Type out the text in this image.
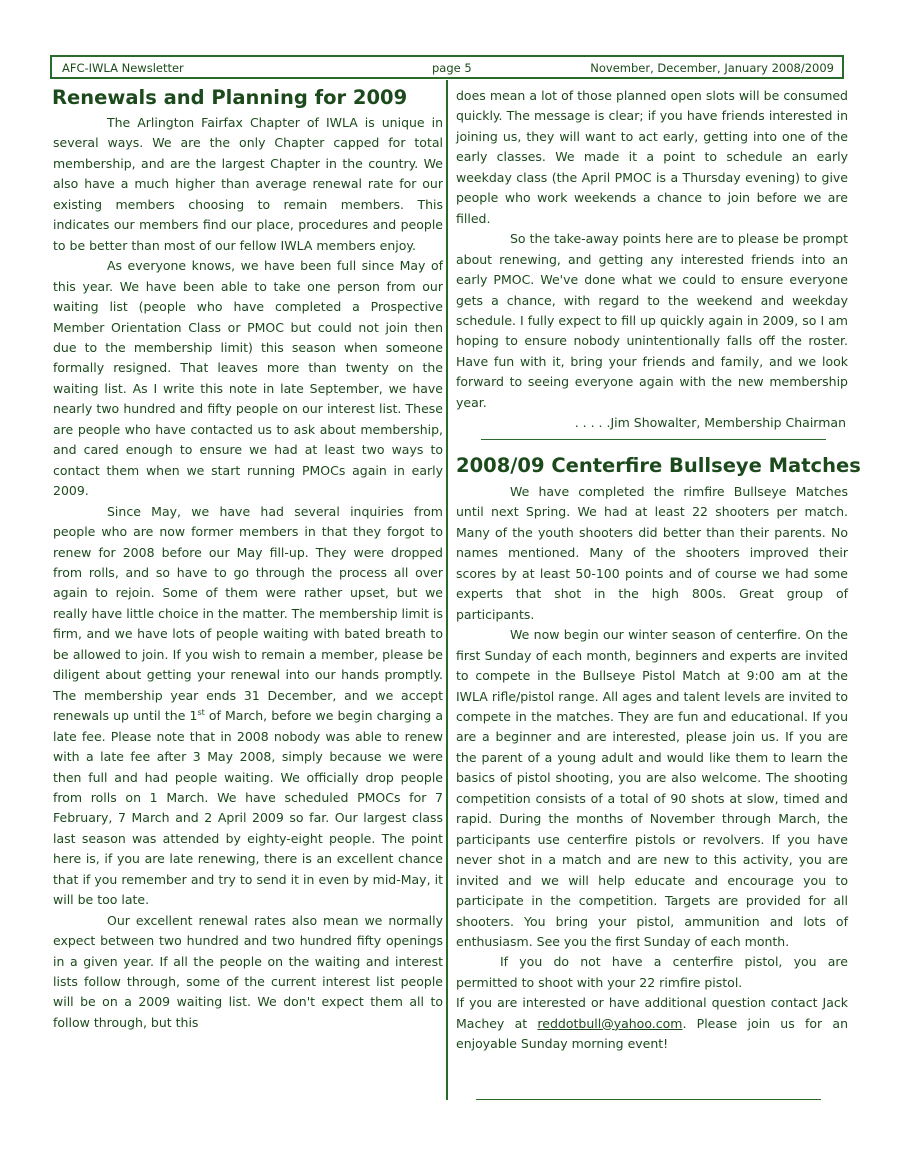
AFC-IWLA Newsletter	page 5	November, December, January 2008/2009
Renewals and Planning for 2009

The Arlington Fairfax Chapter of IWLA is unique in several ways. We are the only Chapter capped for total membership, and are the largest Chapter in the country. We also have a much higher than average renewal rate for our existing members choosing to remain members. This indicates our members find our place, procedures and people to be better than most of our fellow IWLA members enjoy.

As everyone knows, we have been full since May of this year. We have been able to take one person from our waiting list (people who have completed a Prospective Member Orientation Class or PMOC but could not join then due to the membership limit) this season when someone formally resigned. That leaves more than twenty on the waiting list. As I write this note in late September, we have nearly two hundred and fifty people on our interest list. These are people who have contacted us to ask about membership, and cared enough to ensure we had at least two ways to contact them when we start running PMOCs again in early 2009.

Since May, we have had several inquiries from people who are now former members in that they forgot to renew for 2008 before our May fill-up. They were dropped from rolls, and so have to go through the process all over again to rejoin. Some of them were rather upset, but we really have little choice in the matter. The membership limit is firm, and we have lots of people waiting with bated breath to be allowed to join. If you wish to remain a member, please be diligent about getting your renewal into our hands promptly. The membership year ends 31 December, and we accept renewals up until the 1st of March, before we begin charging a late fee. Please note that in 2008 nobody was able to renew with a late fee after 3 May 2008, simply because we were then full and had people waiting. We officially drop people from rolls on 1 March. We have scheduled PMOCs for 7 February, 7 March and 2 April 2009 so far. Our largest class last season was attended by eighty-eight people. The point here is, if you are late renewing, there is an excellent chance that if you remember and try to send it in even by mid-May, it will be too late.

Our excellent renewal rates also mean we normally expect between two hundred and two hundred fifty openings in a given year. If all the people on the waiting and interest lists follow through, some of the current interest list people will be on a 2009 waiting list. We don't expect them all to follow through, but this

does mean a lot of those planned open slots will be consumed quickly. The message is clear; if you have friends interested in joining us, they will want to act early, getting into one of the early classes. We made it a point to schedule an early weekday class (the April PMOC is a Thursday evening) to give people who work weekends a chance to join before we are filled.

So the take-away points here are to please be prompt about renewing, and getting any interested friends into an early PMOC. We've done what we could to ensure everyone gets a chance, with regard to the weekend and weekday schedule. I fully expect to fill up quickly again in 2009, so I am hoping to ensure nobody unintentionally falls off the roster. Have fun with it, bring your friends and family, and we look forward to seeing everyone again with the new membership year.

. . . . .Jim Showalter, Membership Chairman

2008/09 Centerfire Bullseye Matches

We have completed the rimfire Bullseye Matches until next Spring. We had at least 22 shooters per match. Many of the youth shooters did better than their parents. No names mentioned. Many of the shooters improved their scores by at least 50-100 points and of course we had some experts that shot in the high 800s. Great group of participants.

We now begin our winter season of centerfire. On the first Sunday of each month, beginners and experts are invited to compete in the Bullseye Pistol Match at 9:00 am at the IWLA rifle/pistol range. All ages and talent levels are invited to compete in the matches. They are fun and educational. If you are a beginner and are interested, please join us. If you are the parent of a young adult and would like them to learn the basics of pistol shooting, you are also welcome. The shooting competition consists of a total of 90 shots at slow, timed and rapid. During the months of November through March, the participants use centerfire pistols or revolvers. If you have never shot in a match and are new to this activity, you are invited and we will help educate and encourage you to participate in the competition. Targets are provided for all shooters. You bring your pistol, ammunition and lots of enthusiasm. See you the first Sunday of each month.

If you do not have a centerfire pistol, you are permitted to shoot with your 22 rimfire pistol.

If you are interested or have additional question contact Jack Machey at reddotbull@yahoo.com. Please join us for an enjoyable Sunday morning event!
